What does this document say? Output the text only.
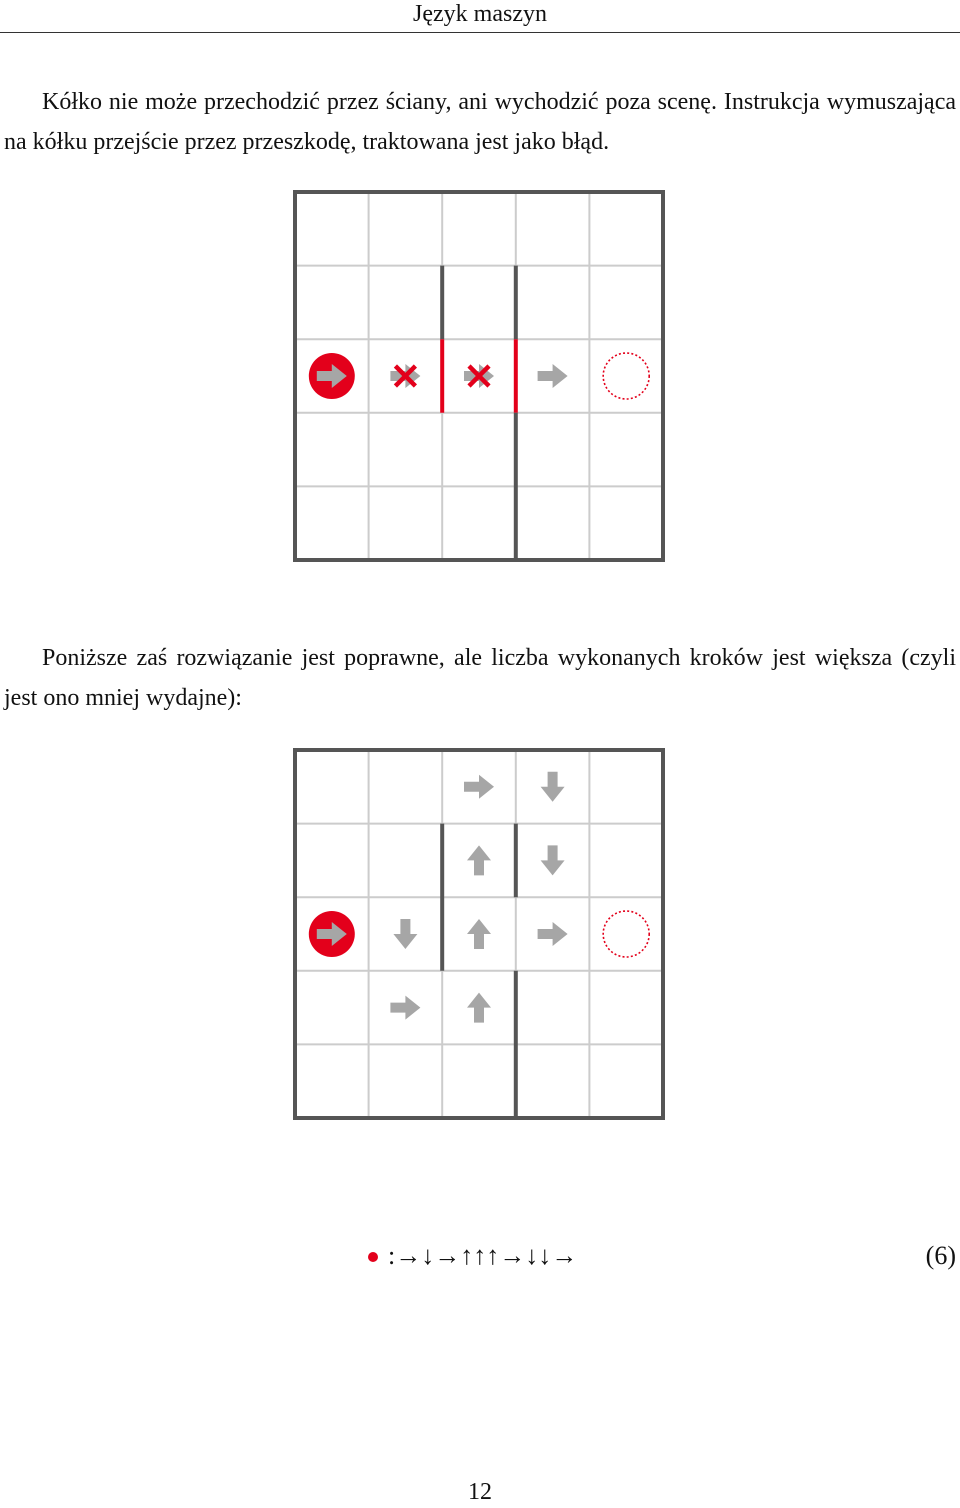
Język maszyn

Kółko nie może przechodzić przez ściany, ani wychodzić poza scenę. Instrukcja wymuszająca na kółku przejście przez przeszkodę, traktowana jest jako błąd.

Poniższe zaś rozwiązanie jest poprawne, ale liczba wykonanych kroków jest większa (czyli jest ono mniej wydajne):

:→↓→↑↑↑→↓↓→	(6)
12
